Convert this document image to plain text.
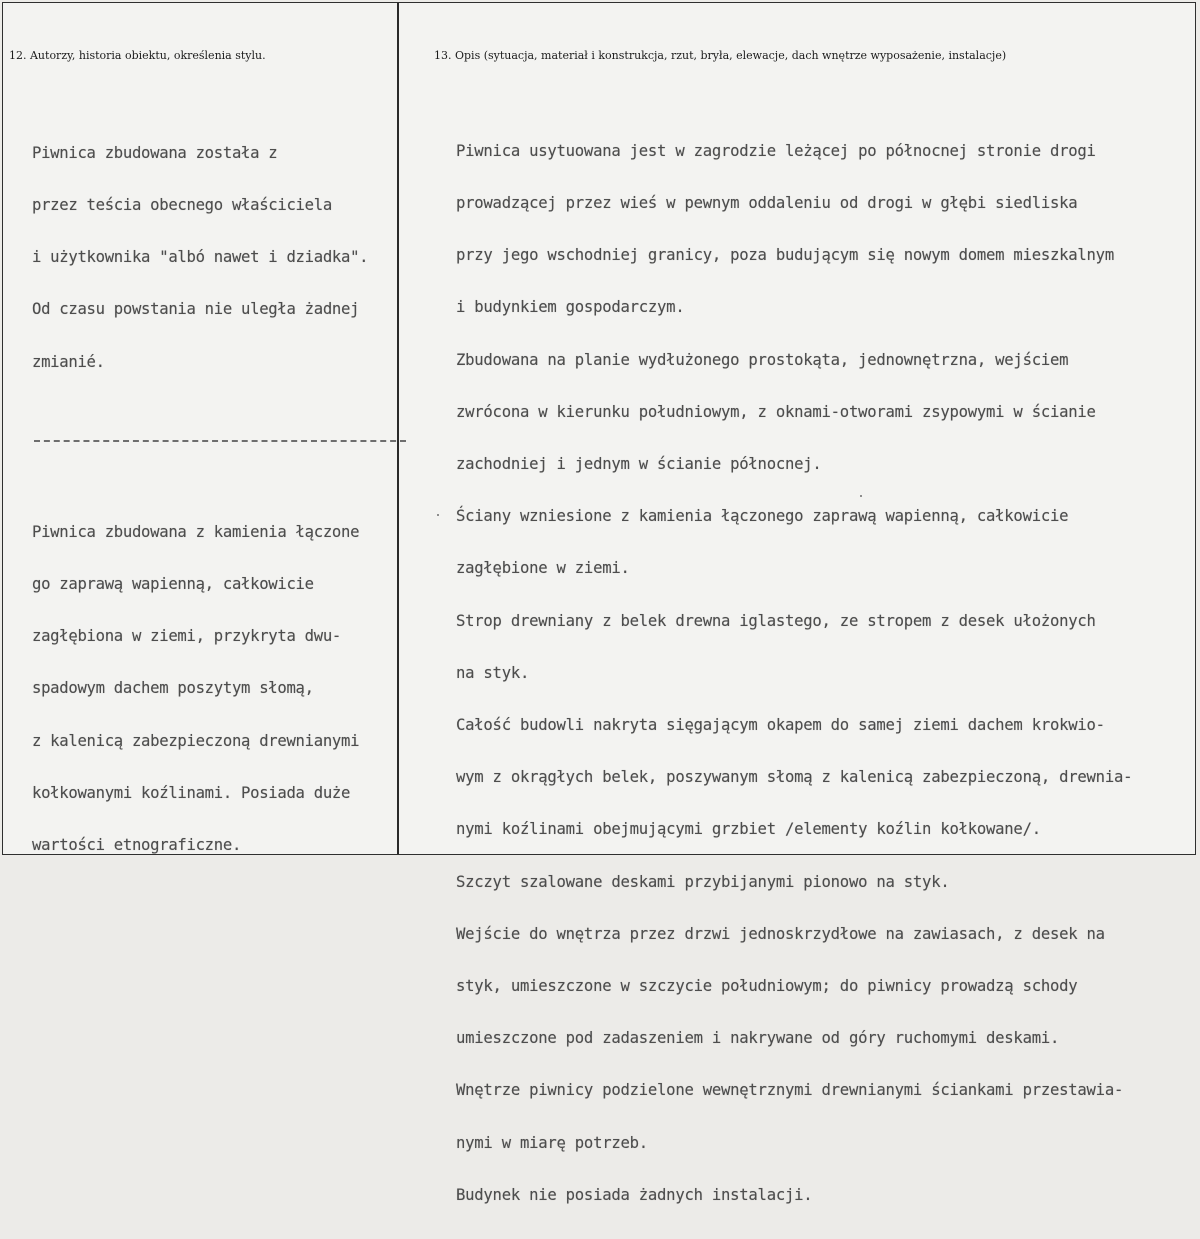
12. Autorzy, historia obiektu, określenia stylu.	13. Opis (sytuacja, materiał i konstrukcja, rzut, bryła, elewacje, dach wnętrze wyposażenie, instalacje)

Piwnica zbudowana została z

przez teścia obecnego właściciela

i użytkownika "albó nawet i dziadka".

Od czasu powstania nie uległa żadnej

zmianié.

Piwnica zbudowana z kamienia łączone

go zaprawą wapienną, całkowicie

zagłębiona w ziemi, przykryta dwu-

spadowym dachem poszytym słomą,

z kalenicą zabezpieczoną drewnianymi

kołkowanymi koźlinami. Posiada duże

wartości etnograficzne.

Piwnica usytuowana jest w zagrodzie leżącej po północnej stronie drogi

prowadzącej przez wieś w pewnym oddaleniu od drogi w głębi siedliska

przy jego wschodniej granicy, poza budującym się nowym domem mieszkalnym

i budynkiem gospodarczym.

Zbudowana na planie wydłużonego prostokąta, jednownętrzna, wejściem

zwrócona w kierunku południowym, z oknami-otworami zsypowymi w ścianie

zachodniej i jednym w ścianie północnej.

Ściany wzniesione z kamienia łączonego zaprawą wapienną, całkowicie

zagłębione w ziemi.

Strop drewniany z belek drewna iglastego, ze stropem z desek ułożonych

na styk.

Całość budowli nakryta sięgającym okapem do samej ziemi dachem krokwio-

wym z okrągłych belek, poszywanym słomą z kalenicą zabezpieczoną, drewnia-

nymi koźlinami obejmującymi grzbiet /elementy koźlin kołkowane/.

Szczyt szalowane deskami przybijanymi pionowo na styk.

Wejście do wnętrza przez drzwi jednoskrzydłowe na zawiasach, z desek na

styk, umieszczone w szczycie południowym; do piwnicy prowadzą schody

umieszczone pod zadaszeniem i nakrywane od góry ruchomymi deskami.

Wnętrze piwnicy podzielone wewnętrznymi drewnianymi ściankami przestawia-

nymi w miarę potrzeb.

Budynek nie posiada żadnych instalacji.
